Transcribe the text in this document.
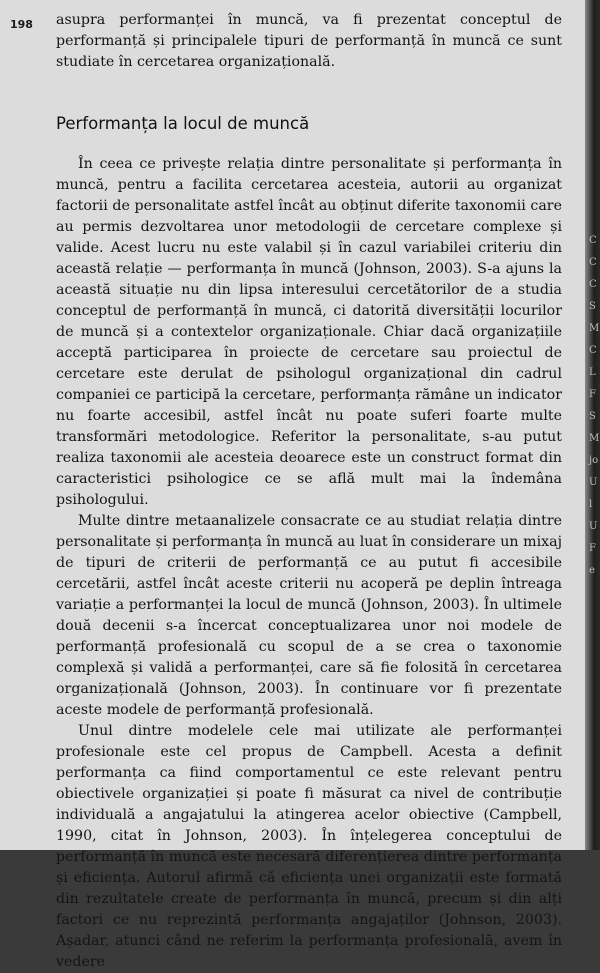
198 asupra performanței în muncă, va fi prezentat conceptul de performanță și principalele tipuri de performanță în muncă ce sunt studiate în cercetarea organizațională.

Performanța la locul de muncă

În ceea ce privește relația dintre personalitate și performanța în muncă, pentru a facilita cercetarea acesteia, autorii au organizat factorii de personalitate astfel încât au obținut diferite taxonomii care au permis dezvoltarea unor metodologii de cercetare complexe și valide. Acest lucru nu este valabil și în cazul variabilei criteriu din această relație — performanța în muncă (Johnson, 2003). S-a ajuns la această situație nu din lipsa interesului cercetătorilor de a studia conceptul de performanță în muncă, ci datorită diversității locurilor de muncă și a contextelor organizaționale. Chiar dacă organizațiile acceptă participarea în proiecte de cercetare sau proiectul de cercetare este derulat de psihologul organizațional din cadrul companiei ce participă la cercetare, performanța rămâne un indicator nu foarte accesibil, astfel încât nu poate suferi foarte multe transformări metodologice. Referitor la personalitate, s-au putut realiza taxonomii ale acesteia deoarece este un construct format din caracteristici psihologice ce se află mult mai la îndemâna psihologului.

Multe dintre metaanalizele consacrate ce au studiat relația dintre personalitate și performanța în muncă au luat în considerare un mixaj de tipuri de criterii de performanță ce au putut fi accesibile cercetării, astfel încât aceste criterii nu acoperă pe deplin întreaga variație a performanței la locul de muncă (Johnson, 2003). În ultimele două decenii s-a încercat conceptualizarea unor noi modele de performanță profesională cu scopul de a se crea o taxonomie complexă și validă a performanței, care să fie folosită în cercetarea organizațională (Johnson, 2003). În continuare vor fi prezentate aceste modele de performanță profesională.

Unul dintre modelele cele mai utilizate ale performanței profesionale este cel propus de Campbell. Acesta a definit performanța ca fiind comportamentul ce este relevant pentru obiectivele organizației și poate fi măsurat ca nivel de contribuție individuală a angajatului la atingerea acelor obiective (Campbell, 1990, citat în Johnson, 2003). În înțelegerea conceptului de performanță în muncă este necesară diferențierea dintre performanța și eficiența. Autorul afirmă că eficiența unei organizații este formată din rezultatele create de performanța în muncă, precum și din alți factori ce nu reprezintă performanța angajaților (Johnson, 2003). Așadar, atunci când ne referim la performanța profesională, avem în vedere

C
C
C
S
M
C
L
F
S
M
jo
U
l
U
F
e
